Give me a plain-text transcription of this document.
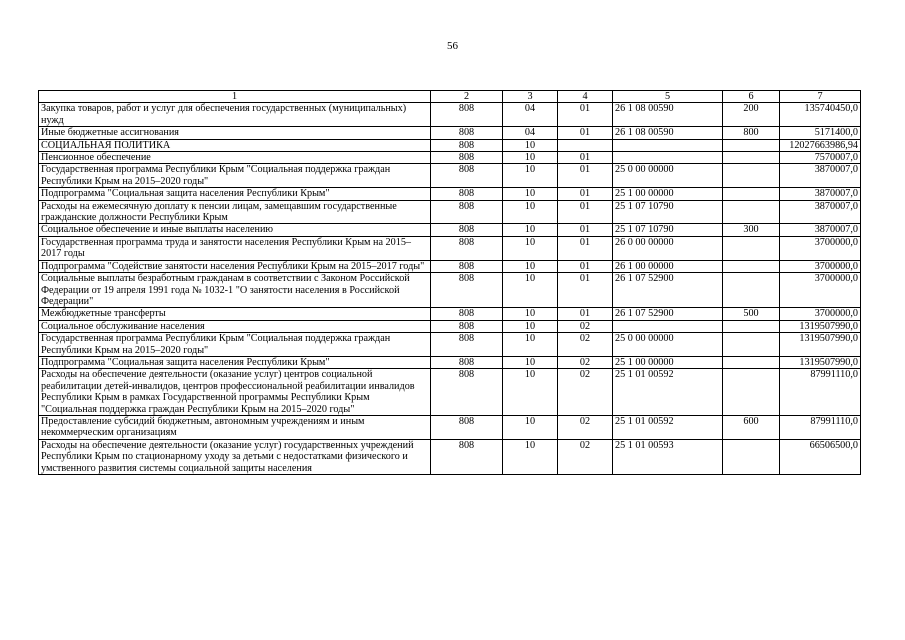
56
1	2	3	4	5	6	7
Закупка товаров, работ и услуг для обеспечения государственных (муниципальных) нужд	808	04	01	26 1 08 00590	200	135740450,0
Иные бюджетные ассигнования	808	04	01	26 1 08 00590	800	5171400,0
СОЦИАЛЬНАЯ ПОЛИТИКА	808	10				12027663986,94
Пенсионное обеспечение	808	10	01			7570007,0
Государственная программа Республики Крым "Социальная поддержка граждан Республики Крым на 2015–2020 годы"	808	10	01	25 0 00 00000		3870007,0
Подпрограмма "Социальная защита населения Республики Крым"	808	10	01	25 1 00 00000		3870007,0
Расходы на ежемесячную доплату к пенсии лицам, замещавшим государственные гражданские должности Республики Крым	808	10	01	25 1 07 10790		3870007,0
Социальное обеспечение и иные выплаты населению	808	10	01	25 1 07 10790	300	3870007,0
Государственная программа труда и занятости населения Республики Крым на 2015–2017 годы	808	10	01	26 0 00 00000		3700000,0
Подпрограмма "Содействие занятости населения Республики Крым на 2015–2017 годы"	808	10	01	26 1 00 00000		3700000,0
Социальные выплаты безработным гражданам в соответствии с Законом Российской Федерации от 19 апреля 1991 года № 1032-1 "О занятости населения в Российской Федерации"	808	10	01	26 1 07 52900		3700000,0
Межбюджетные трансферты	808	10	01	26 1 07 52900	500	3700000,0
Социальное обслуживание населения	808	10	02			1319507990,0
Государственная программа Республики Крым "Социальная поддержка граждан Республики Крым на 2015–2020 годы"	808	10	02	25 0 00 00000		1319507990,0
Подпрограмма "Социальная защита населения Республики Крым"	808	10	02	25 1 00 00000		1319507990,0
Расходы на обеспечение деятельности (оказание услуг) центров социальной реабилитации детей-инвалидов, центров профессиональной реабилитации инвалидов Республики Крым в рамках Государственной программы Республики Крым "Социальная поддержка граждан Республики Крым на 2015–2020 годы"	808	10	02	25 1 01 00592		87991110,0
Предоставление субсидий бюджетным, автономным учреждениям и иным некоммерческим организациям	808	10	02	25 1 01 00592	600	87991110,0
Расходы на обеспечение деятельности (оказание услуг) государственных учреждений Республики Крым по стационарному уходу за детьми с недостатками физического и умственного развития системы социальной защиты населения	808	10	02	25 1 01 00593		66506500,0
